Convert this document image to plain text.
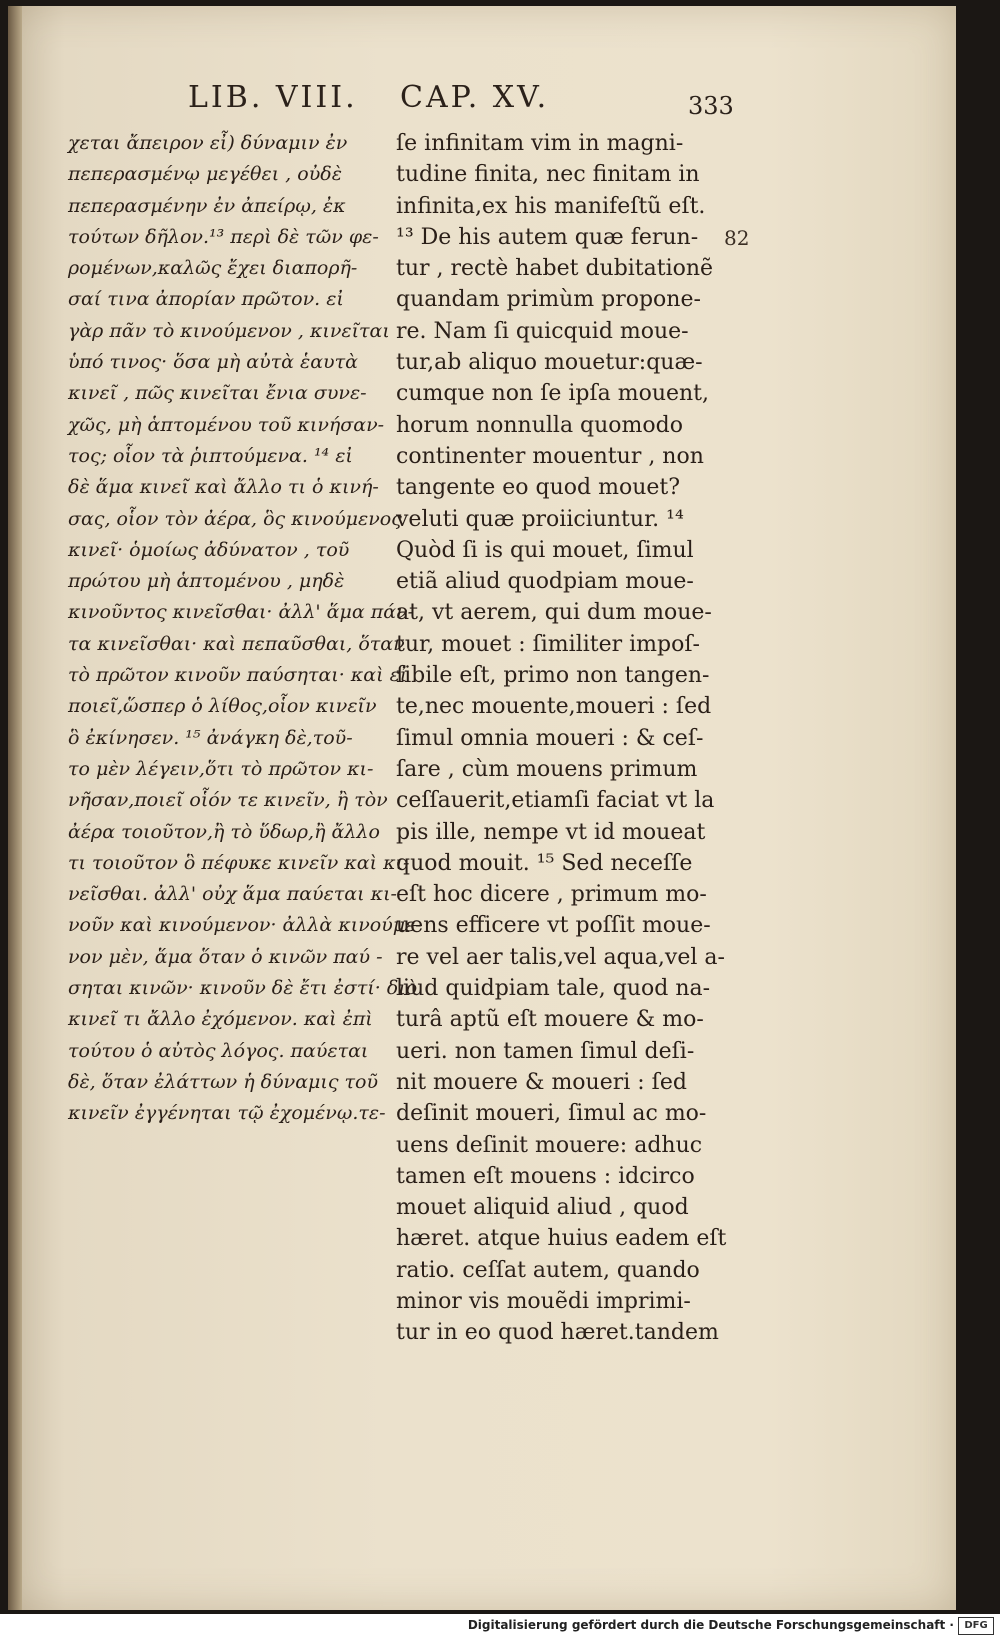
LIB. VIII. CAP. XV.	333
χεται ἄπειρον εἶ) δύναμιν ἐν
πεπερασμένῳ μεγέθει , οὐδὲ
πεπερασμένην ἐν ἀπείρῳ, ἐκ
τούτων δῆλον.¹³ περὶ δὲ τῶν φε-
ρομένων,καλῶς ἔχει διαπορῆ-
σαί τινα ἀπορίαν πρῶτον. εἰ
γὰρ πᾶν τὸ κινούμενον , κινεῖται
ὑπό τινος· ὅσα μὴ αὐτὰ ἑαυτὰ
κινεῖ , πῶς κινεῖται ἔνια συνε-
χῶς, μὴ ἁπτομένου τοῦ κινήσαν-
τος; οἷον τὰ ῥιπτούμενα. ¹⁴ εἰ
δὲ ἅμα κινεῖ καὶ ἄλλο τι ὁ κινή-
σας, οἷον τὸν ἀέρα, ὃς κινούμενος
κινεῖ· ὁμοίως ἀδύνατον , τοῦ
πρώτου μὴ ἁπτομένου , μηδὲ
κινοῦντος κινεῖσθαι· ἀλλ' ἅμα πάν-
τα κινεῖσθαι· καὶ πεπαῦσθαι, ὅταν
τὸ πρῶτον κινοῦν παύσηται· καὶ εἰ
ποιεῖ,ὥσπερ ὁ λίθος,οἷον κινεῖν
ὃ ἐκίνησεν. ¹⁵ ἀνάγκη δὲ,τοῦ-
το μὲν λέγειν,ὅτι τὸ πρῶτον κι-
νῆσαν,ποιεῖ οἷόν τε κινεῖν, ἢ τὸν
ἀέρα τοιοῦτον,ἢ τὸ ὕδωρ,ἢ ἄλλο
τι τοιοῦτον ὃ πέφυκε κινεῖν καὶ κι-
νεῖσθαι. ἀλλ' οὐχ ἅμα παύεται κι-
νοῦν καὶ κινούμενον· ἀλλὰ κινούμε-
νον μὲν, ἅμα ὅταν ὁ κινῶν παύ -
σηται κινῶν· κινοῦν δὲ ἔτι ἐστί· διὸ
κινεῖ τι ἄλλο ἐχόμενον. καὶ ἐπὶ
τούτου ὁ αὐτὸς λόγος. παύεται
δὲ, ὅταν ἐλάττων ἡ δύναμις τοῦ
κινεῖν ἐγγένηται τῷ ἐχομένῳ.τε-
ſe infinitam vim in magni-
tudine finita, nec finitam in
infinita,ex his manifeſtũ eſt.
¹³ De his autem quæ ferun-
tur , rectè habet dubitationẽ
quandam primùm propone-
re. Nam ſi quicquid moue-
tur,ab aliquo mouetur:quæ-
cumque non ſe ipſa mouent,
horum nonnulla quomodo
continenter mouentur , non
tangente eo quod mouet?
veluti quæ proiiciuntur. ¹⁴
Quòd ſi is qui mouet, ſimul
etiã aliud quodpiam moue-
at, vt aerem, qui dum moue-
tur, mouet : ſimiliter impoſ-
ſibile eſt, primo non tangen-
te,nec mouente,moueri : ſed
ſimul omnia moueri : & ceſ-
ſare , cùm mouens primum
ceſſauerit,etiamſi faciat vt la
pis ille, nempe vt id moueat
quod mouit. ¹⁵ Sed neceſſe
eſt hoc dicere , primum mo-
uens efficere vt poſſit moue-
re vel aer talis,vel aqua,vel a-
liud quidpiam tale, quod na-
turâ aptũ eſt mouere & mo-
ueri. non tamen ſimul deſi-
nit mouere & moueri : ſed
deſinit moueri, ſimul ac mo-
uens deſinit mouere: adhuc
tamen eſt mouens : idcirco
mouet aliquid aliud , quod
hæret. atque huius eadem eſt
ratio. ceſſat autem, quando
minor vis mouẽdi imprimi-
tur in eo quod hæret.tandem
82
Digitalisierung gefördert durch die Deutsche Forschungsgemeinschaft ·	DFG
